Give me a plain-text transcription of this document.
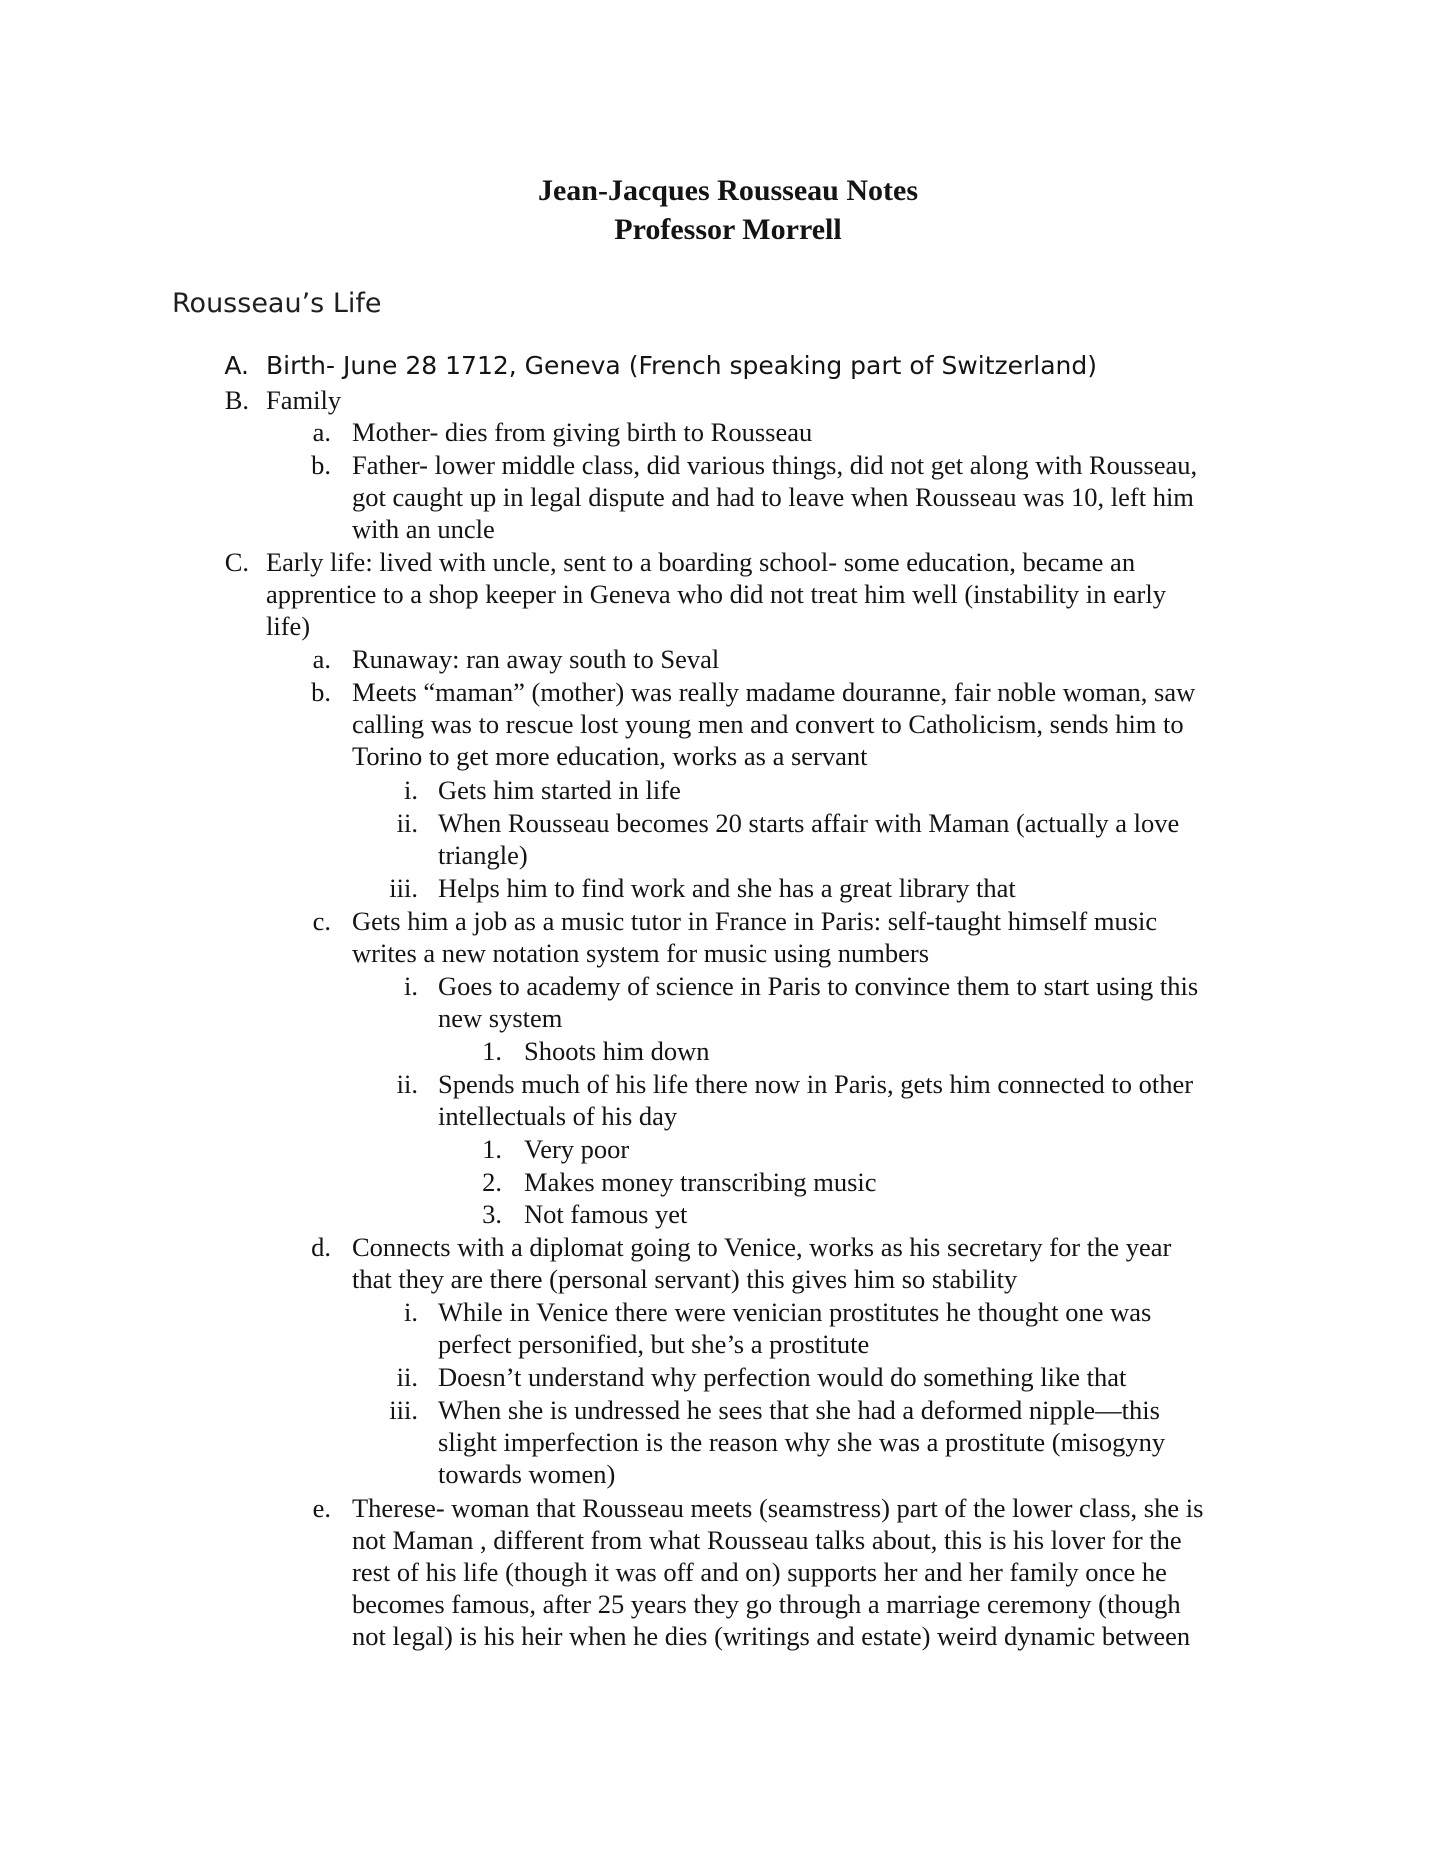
Jean-Jacques Rousseau Notes
Professor Morrell
Rousseau’s Life
A. Birth- June 28 1712, Geneva (French speaking part of Switzerland)
B. Family
a. Mother- dies from giving birth to Rousseau
b. Father- lower middle class, did various things, did not get along with Rousseau,
got caught up in legal dispute and had to leave when Rousseau was 10, left him
with an uncle
C. Early life: lived with uncle, sent to a boarding school- some education, became an
apprentice to a shop keeper in Geneva who did not treat him well (instability in early
life)
a. Runaway: ran away south to Seval
b. Meets “maman” (mother) was really madame douranne, fair noble woman, saw
calling was to rescue lost young men and convert to Catholicism, sends him to
Torino to get more education, works as a servant
i. Gets him started in life
ii. When Rousseau becomes 20 starts affair with Maman (actually a love
triangle)
iii. Helps him to find work and she has a great library that
c. Gets him a job as a music tutor in France in Paris: self-taught himself music
writes a new notation system for music using numbers
i. Goes to academy of science in Paris to convince them to start using this
new system
1. Shoots him down
ii. Spends much of his life there now in Paris, gets him connected to other
intellectuals of his day
1. Very poor
2. Makes money transcribing music
3. Not famous yet
d. Connects with a diplomat going to Venice, works as his secretary for the year
that they are there (personal servant) this gives him so stability
i. While in Venice there were venician prostitutes he thought one was
perfect personified, but she’s a prostitute
ii. Doesn’t understand why perfection would do something like that
iii. When she is undressed he sees that she had a deformed nipple—this
slight imperfection is the reason why she was a prostitute (misogyny
towards women)
e. Therese- woman that Rousseau meets (seamstress) part of the lower class, she is
not Maman , different from what Rousseau talks about, this is his lover for the
rest of his life (though it was off and on) supports her and her family once he
becomes famous, after 25 years they go through a marriage ceremony (though
not legal) is his heir when he dies (writings and estate) weird dynamic between
